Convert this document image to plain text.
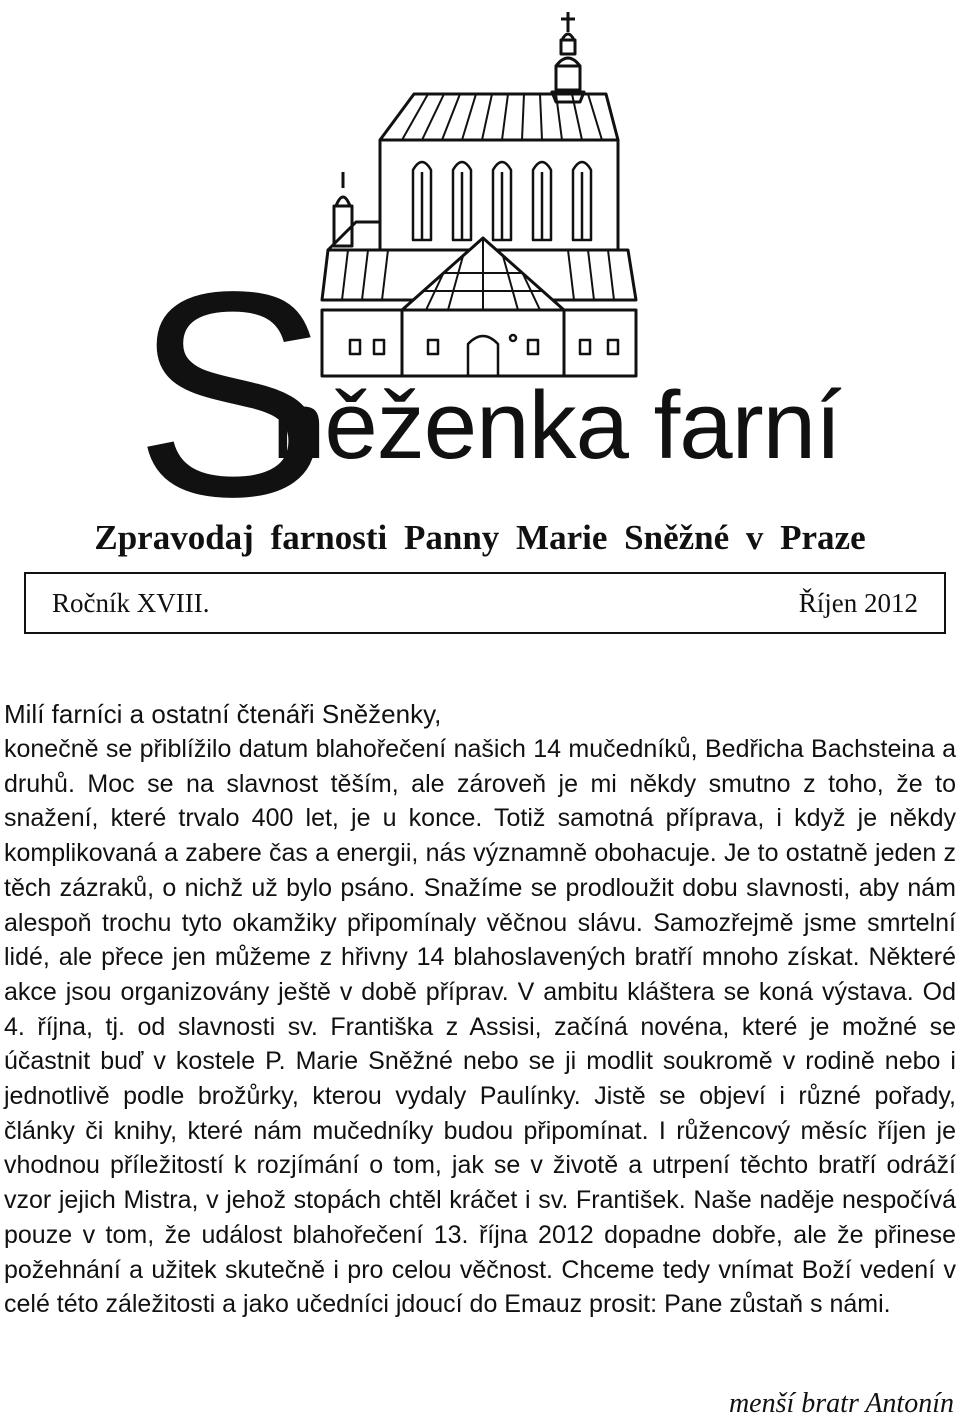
S
něženka farní
Zpravodaj farnosti Panny Marie Sněžné v Praze
Ročník XVIII.	Říjen 2012
Milí farníci a ostatní čtenáři Sněženky,
konečně se přiblížilo datum blahořečení našich 14 mučedníků, Bedřicha Bachsteina a druhů. Moc se na slavnost těším, ale zároveň je mi někdy smutno z toho, že to snažení, které trvalo 400 let, je u konce. Totiž samotná příprava, i když je někdy komplikovaná a zabere čas a energii, nás významně obohacuje. Je to ostatně jeden z těch zázraků, o nichž už bylo psáno. Snažíme se prodloužit dobu slavnosti, aby nám alespoň trochu tyto okamžiky připomínaly věčnou slávu. Samozřejmě jsme smrtelní lidé, ale přece jen můžeme z hřivny 14 blahoslavených bratří mnoho získat. Některé akce jsou organizovány ještě v době příprav. V ambitu kláštera se koná výstava. Od 4. října, tj. od slavnosti sv. Františka z Assisi, začíná novéna, které je možné se účastnit buď v kostele P. Marie Sněžné nebo se ji modlit soukromě v rodině nebo i jednotlivě podle brožůrky, kterou vydaly Paulínky. Jistě se objeví i různé pořady, články či knihy, které nám mučedníky budou připomínat. I růžencový měsíc říjen je vhodnou příležitostí k rozjímání o tom, jak se v životě a utrpení těchto bratří odráží vzor jejich Mistra, v jehož stopách chtěl kráčet i sv. František. Naše naděje nespočívá pouze v tom, že událost blahořečení 13. října 2012 dopadne dobře, ale že přinese požehnání a užitek skutečně i pro celou věčnost. Chceme tedy vnímat Boží vedení v celé této záležitosti a jako učedníci jdoucí do Emauz prosit: Pane zůstaň s námi.
menší bratr Antonín
